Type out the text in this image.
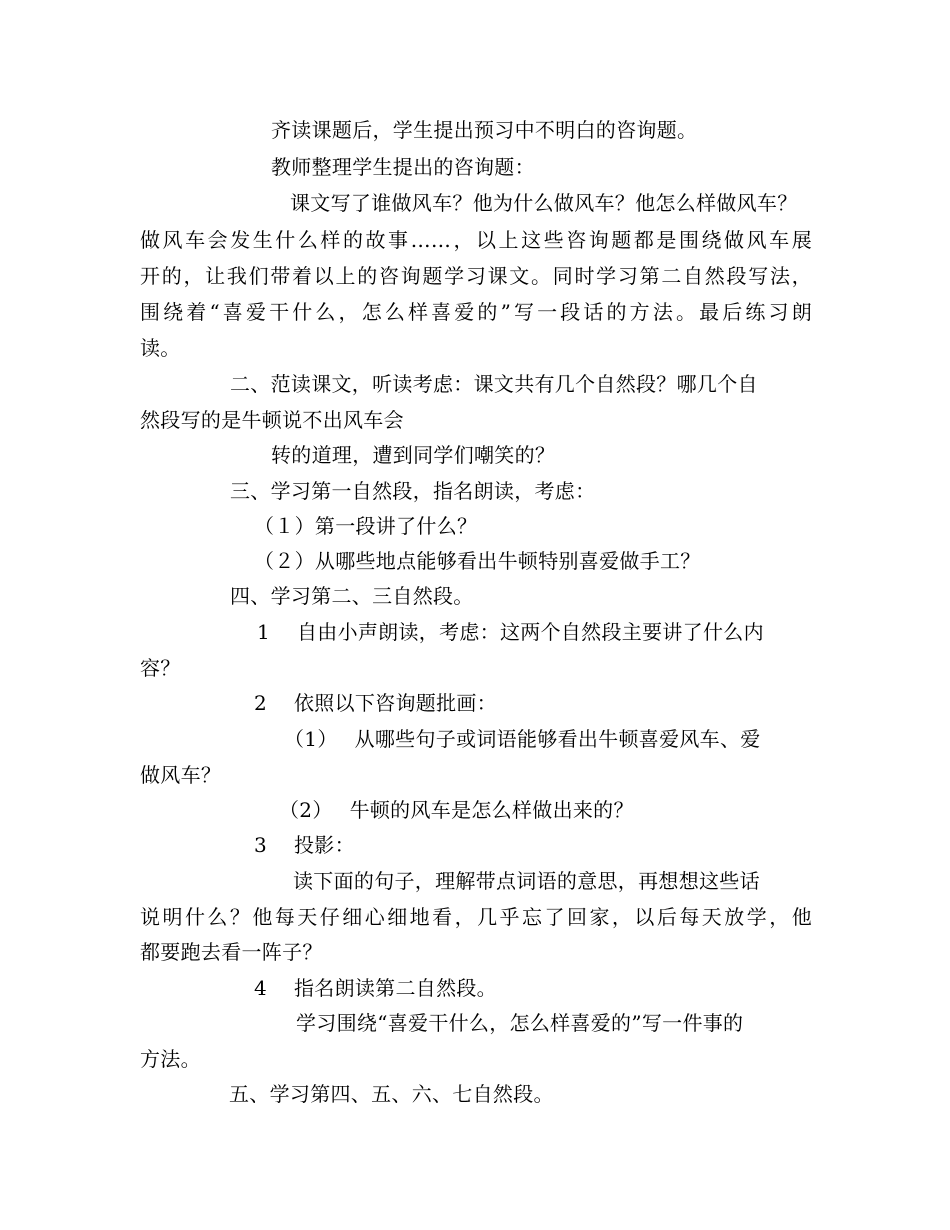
齐读课题后，学生提出预习中不明白的咨询题。
教师整理学生提出的咨询题：
课文写了谁做风车？他为什么做风车？他怎么样做风车？
做风车会发生什么样的故事……，以上这些咨询题都是围绕做风车展
开的，让我们带着以上的咨询题学习课文。同时学习第二自然段写法，
围绕着“喜爱干什么，怎么样喜爱的”写一段话的方法。最后练习朗
读。
二、范读课文，听读考虑：课文共有几个自然段？哪几个自
然段写的是牛顿说不出风车会
转的道理，遭到同学们嘲笑的？
三、学习第一自然段，指名朗读，考虑：
（１）第一段讲了什么？
（２）从哪些地点能够看出牛顿特别喜爱做手工？
四、学习第二、三自然段。
1　 自由小声朗读，考虑：这两个自然段主要讲了什么内
容？
2　 依照以下咨询题批画：
（1）　 从哪些句子或词语能够看出牛顿喜爱风车、爱
做风车？
（2）　 牛顿的风车是怎么样做出来的？
3　 投影：
读下面的句子，理解带点词语的意思，再想想这些话
说明什么？他每天仔细心细地看，几乎忘了回家，以后每天放学，他
都要跑去看一阵子？
4　 指名朗读第二自然段。
学习围绕“喜爱干什么，怎么样喜爱的”写一件事的
方法。
五、学习第四、五、六、七自然段。
